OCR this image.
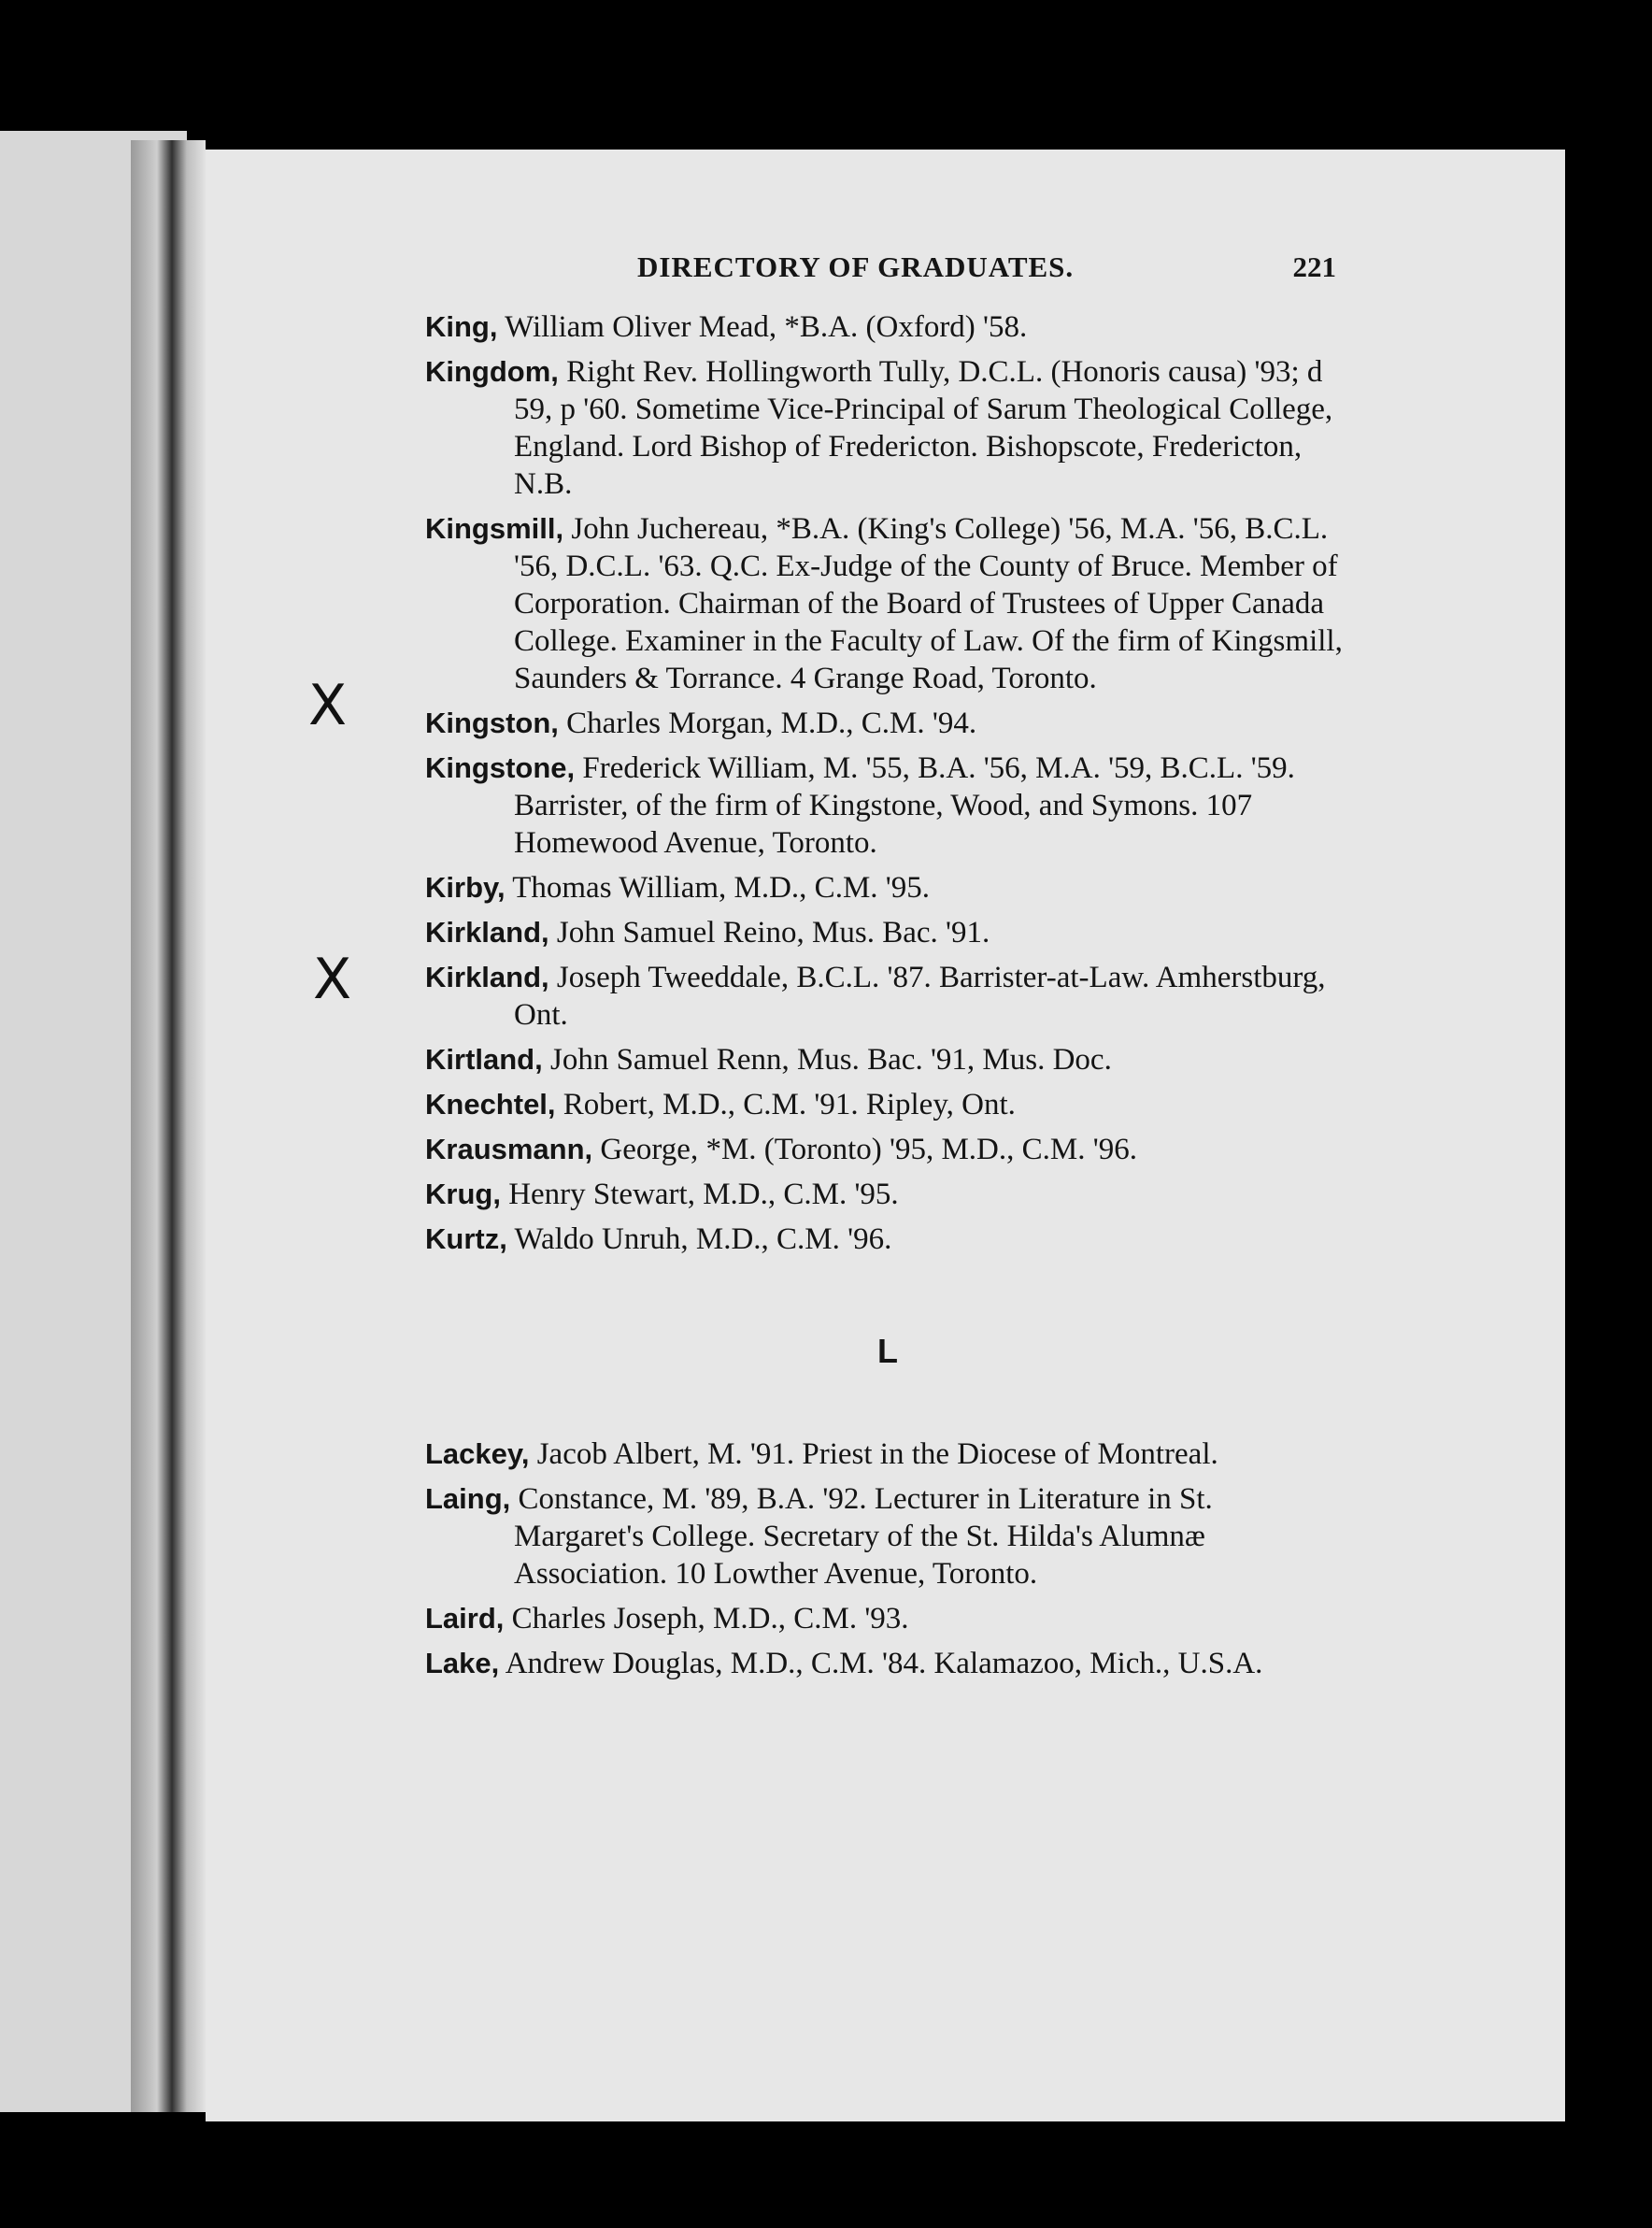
DIRECTORY OF GRADUATES.	221
X
X

King, William Oliver Mead, *B.A. (Oxford) '58.

Kingdom, Right Rev. Hollingworth Tully, D.C.L. (Honoris causa) '93; d 59, p '60. Sometime Vice-Principal of Sarum Theological College, England. Lord Bishop of Fredericton. Bishopscote, Fredericton, N.B.

Kingsmill, John Juchereau, *B.A. (King's College) '56, M.A. '56, B.C.L. '56, D.C.L. '63. Q.C. Ex-Judge of the County of Bruce. Member of Corporation. Chairman of the Board of Trustees of Upper Canada College. Examiner in the Faculty of Law. Of the firm of Kingsmill, Saunders & Torrance. 4 Grange Road, Toronto.

Kingston, Charles Morgan, M.D., C.M. '94.

Kingstone, Frederick William, M. '55, B.A. '56, M.A. '59, B.C.L. '59. Barrister, of the firm of Kingstone, Wood, and Symons. 107 Homewood Avenue, Toronto.

Kirby, Thomas William, M.D., C.M. '95.

Kirkland, John Samuel Reino, Mus. Bac. '91.

Kirkland, Joseph Tweeddale, B.C.L. '87. Barrister-at-Law. Amherstburg, Ont.

Kirtland, John Samuel Renn, Mus. Bac. '91, Mus. Doc.

Knechtel, Robert, M.D., C.M. '91. Ripley, Ont.

Krausmann, George, *M. (Toronto) '95, M.D., C.M. '96.

Krug, Henry Stewart, M.D., C.M. '95.

Kurtz, Waldo Unruh, M.D., C.M. '96.

L

Lackey, Jacob Albert, M. '91. Priest in the Diocese of Montreal.

Laing, Constance, M. '89, B.A. '92. Lecturer in Literature in St. Margaret's College. Secretary of the St. Hilda's Alumnæ Association. 10 Lowther Avenue, Toronto.

Laird, Charles Joseph, M.D., C.M. '93.

Lake, Andrew Douglas, M.D., C.M. '84. Kalamazoo, Mich., U.S.A.
